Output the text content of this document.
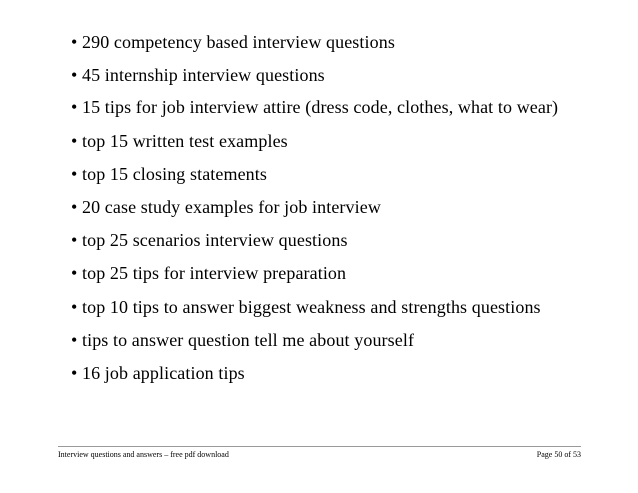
• 290 competency based interview questions
• 45 internship interview questions
• 15 tips for job interview attire (dress code, clothes, what to wear)
• top 15 written test examples
• top 15 closing statements
• 20 case study examples for job interview
• top 25 scenarios interview questions
• top 25 tips for interview preparation
• top 10 tips to answer biggest weakness and strengths questions
• tips to answer question tell me about yourself
• 16 job application tips
Interview questions and answers – free pdf download	Page 50 of 53
